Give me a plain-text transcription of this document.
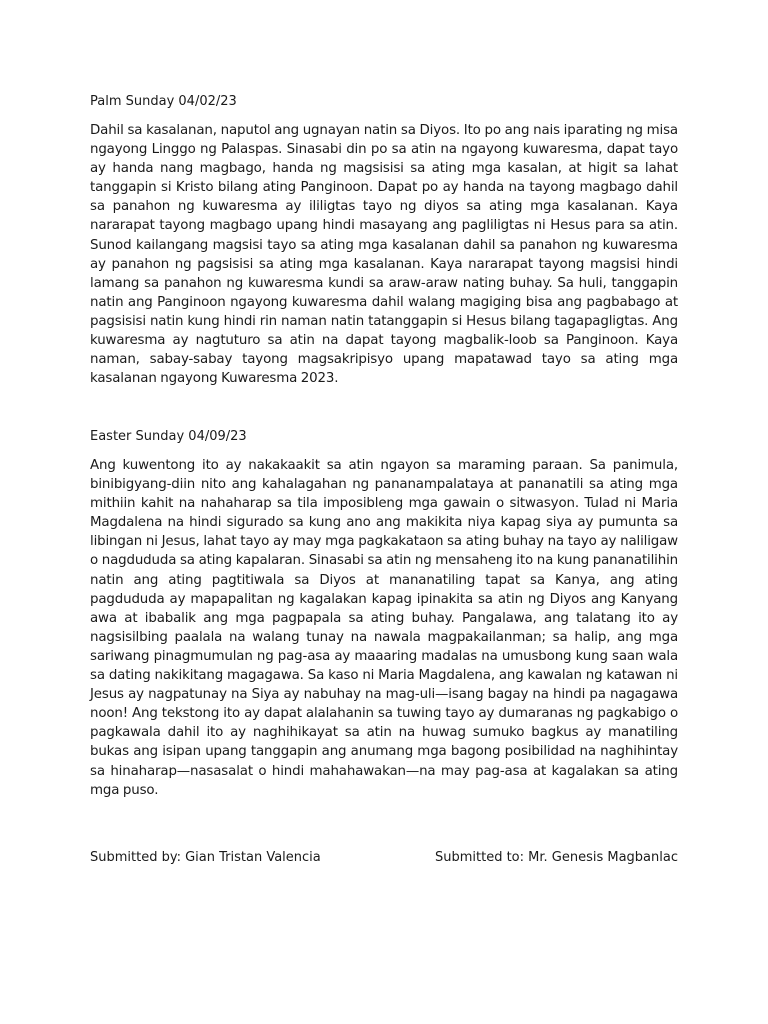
Palm Sunday 04/02/23

Dahil sa kasalanan, naputol ang ugnayan natin sa Diyos. Ito po ang nais iparating ng misa ngayong Linggo ng Palaspas. Sinasabi din po sa atin na ngayong kuwaresma, dapat tayo ay handa nang magbago, handa ng magsisisi sa ating mga kasalan, at higit sa lahat tanggapin si Kristo bilang ating Panginoon. Dapat po ay handa na tayong magbago dahil sa panahon ng kuwaresma ay ililigtas tayo ng diyos sa ating mga kasalanan. Kaya nararapat tayong magbago upang hindi masayang ang pagliligtas ni Hesus para sa atin. Sunod kailangang magsisi tayo sa ating mga kasalanan dahil sa panahon ng kuwaresma ay panahon ng pagsisisi sa ating mga kasalanan. Kaya nararapat tayong magsisi hindi lamang sa panahon ng kuwaresma kundi sa araw-araw nating buhay. Sa huli, tanggapin natin ang Panginoon ngayong kuwaresma dahil walang magiging bisa ang pagbabago at pagsisisi natin kung hindi rin naman natin tatanggapin si Hesus bilang tagapagligtas. Ang kuwaresma ay nagtuturo sa atin na dapat tayong magbalik-loob sa Panginoon. Kaya naman, sabay-sabay tayong magsakripisyo upang mapatawad tayo sa ating mga kasalanan ngayong Kuwaresma 2023.

Easter Sunday 04/09/23

Ang kuwentong ito ay nakakaakit sa atin ngayon sa maraming paraan. Sa panimula, binibigyang-diin nito ang kahalagahan ng pananampalataya at pananatili sa ating mga mithiin kahit na nahaharap sa tila imposibleng mga gawain o sitwasyon. Tulad ni Maria Magdalena na hindi sigurado sa kung ano ang makikita niya kapag siya ay pumunta sa libingan ni Jesus, lahat tayo ay may mga pagkakataon sa ating buhay na tayo ay naliligaw o nagdududa sa ating kapalaran. Sinasabi sa atin ng mensaheng ito na kung pananatilihin natin ang ating pagtitiwala sa Diyos at mananatiling tapat sa Kanya, ang ating pagdududa ay mapapalitan ng kagalakan kapag ipinakita sa atin ng Diyos ang Kanyang awa at ibabalik ang mga pagpapala sa ating buhay. Pangalawa, ang talatang ito ay nagsisilbing paalala na walang tunay na nawala magpakailanman; sa halip, ang mga sariwang pinagmumulan ng pag-asa ay maaaring madalas na umusbong kung saan wala sa dating nakikitang magagawa. Sa kaso ni Maria Magdalena, ang kawalan ng katawan ni Jesus ay nagpatunay na Siya ay nabuhay na mag-uli—isang bagay na hindi pa nagagawa noon! Ang tekstong ito ay dapat alalahanin sa tuwing tayo ay dumaranas ng pagkabigo o pagkawala dahil ito ay naghihikayat sa atin na huwag sumuko bagkus ay manatiling bukas ang isipan upang tanggapin ang anumang mga bagong posibilidad na naghihintay sa hinaharap—nasasalat o hindi mahahawakan—na may pag-asa at kagalakan sa ating mga puso.

Submitted by: Gian Tristan Valencia	Submitted to: Mr. Genesis Magbanlac
